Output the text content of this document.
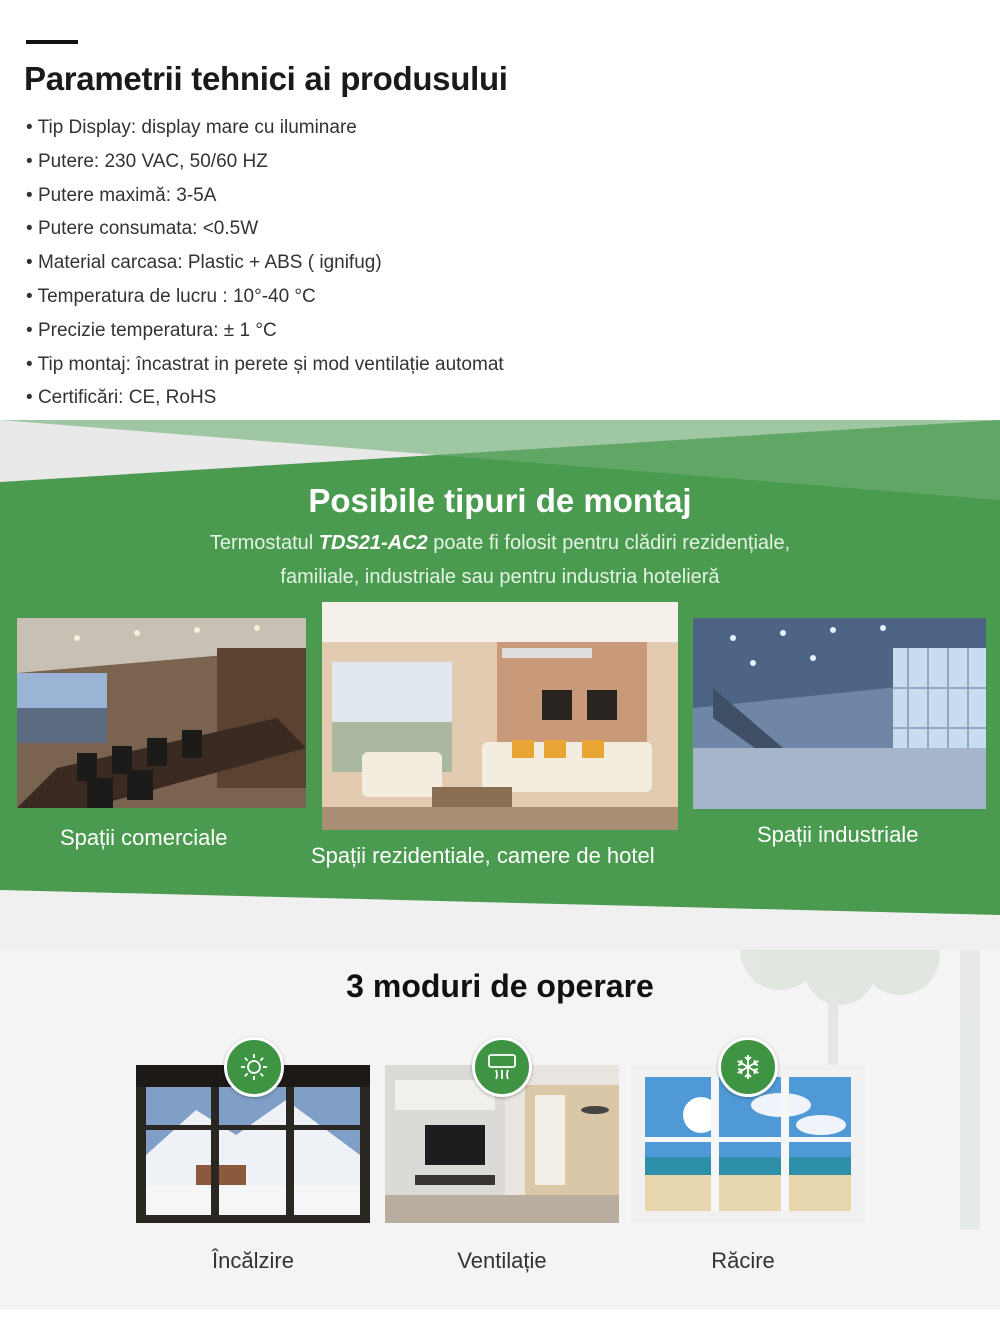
Parametrii tehnici ai produsului
• Tip Display: display mare cu iluminare
• Putere: 230 VAC, 50/60 HZ
• Putere maximă: 3-5A
• Putere consumata: <0.5W
• Material carcasa: Plastic + ABS ( ignifug)
• Temperatura de lucru : 10°-40 °C
• Precizie temperatura: ± 1 °C
• Tip montaj: încastrat in perete și mod ventilație automat
• Certificări: CE, RoHS
Posibile tipuri de montaj
Termostatul TDS21-AC2 poate fi folosit pentru clădiri rezidențiale,
familiale, industriale sau pentru industria hotelieră
Spații comerciale
Spații rezidentiale, camere de hotel
Spații industriale
3 moduri de operare
Încălzire	Ventilație	Răcire
